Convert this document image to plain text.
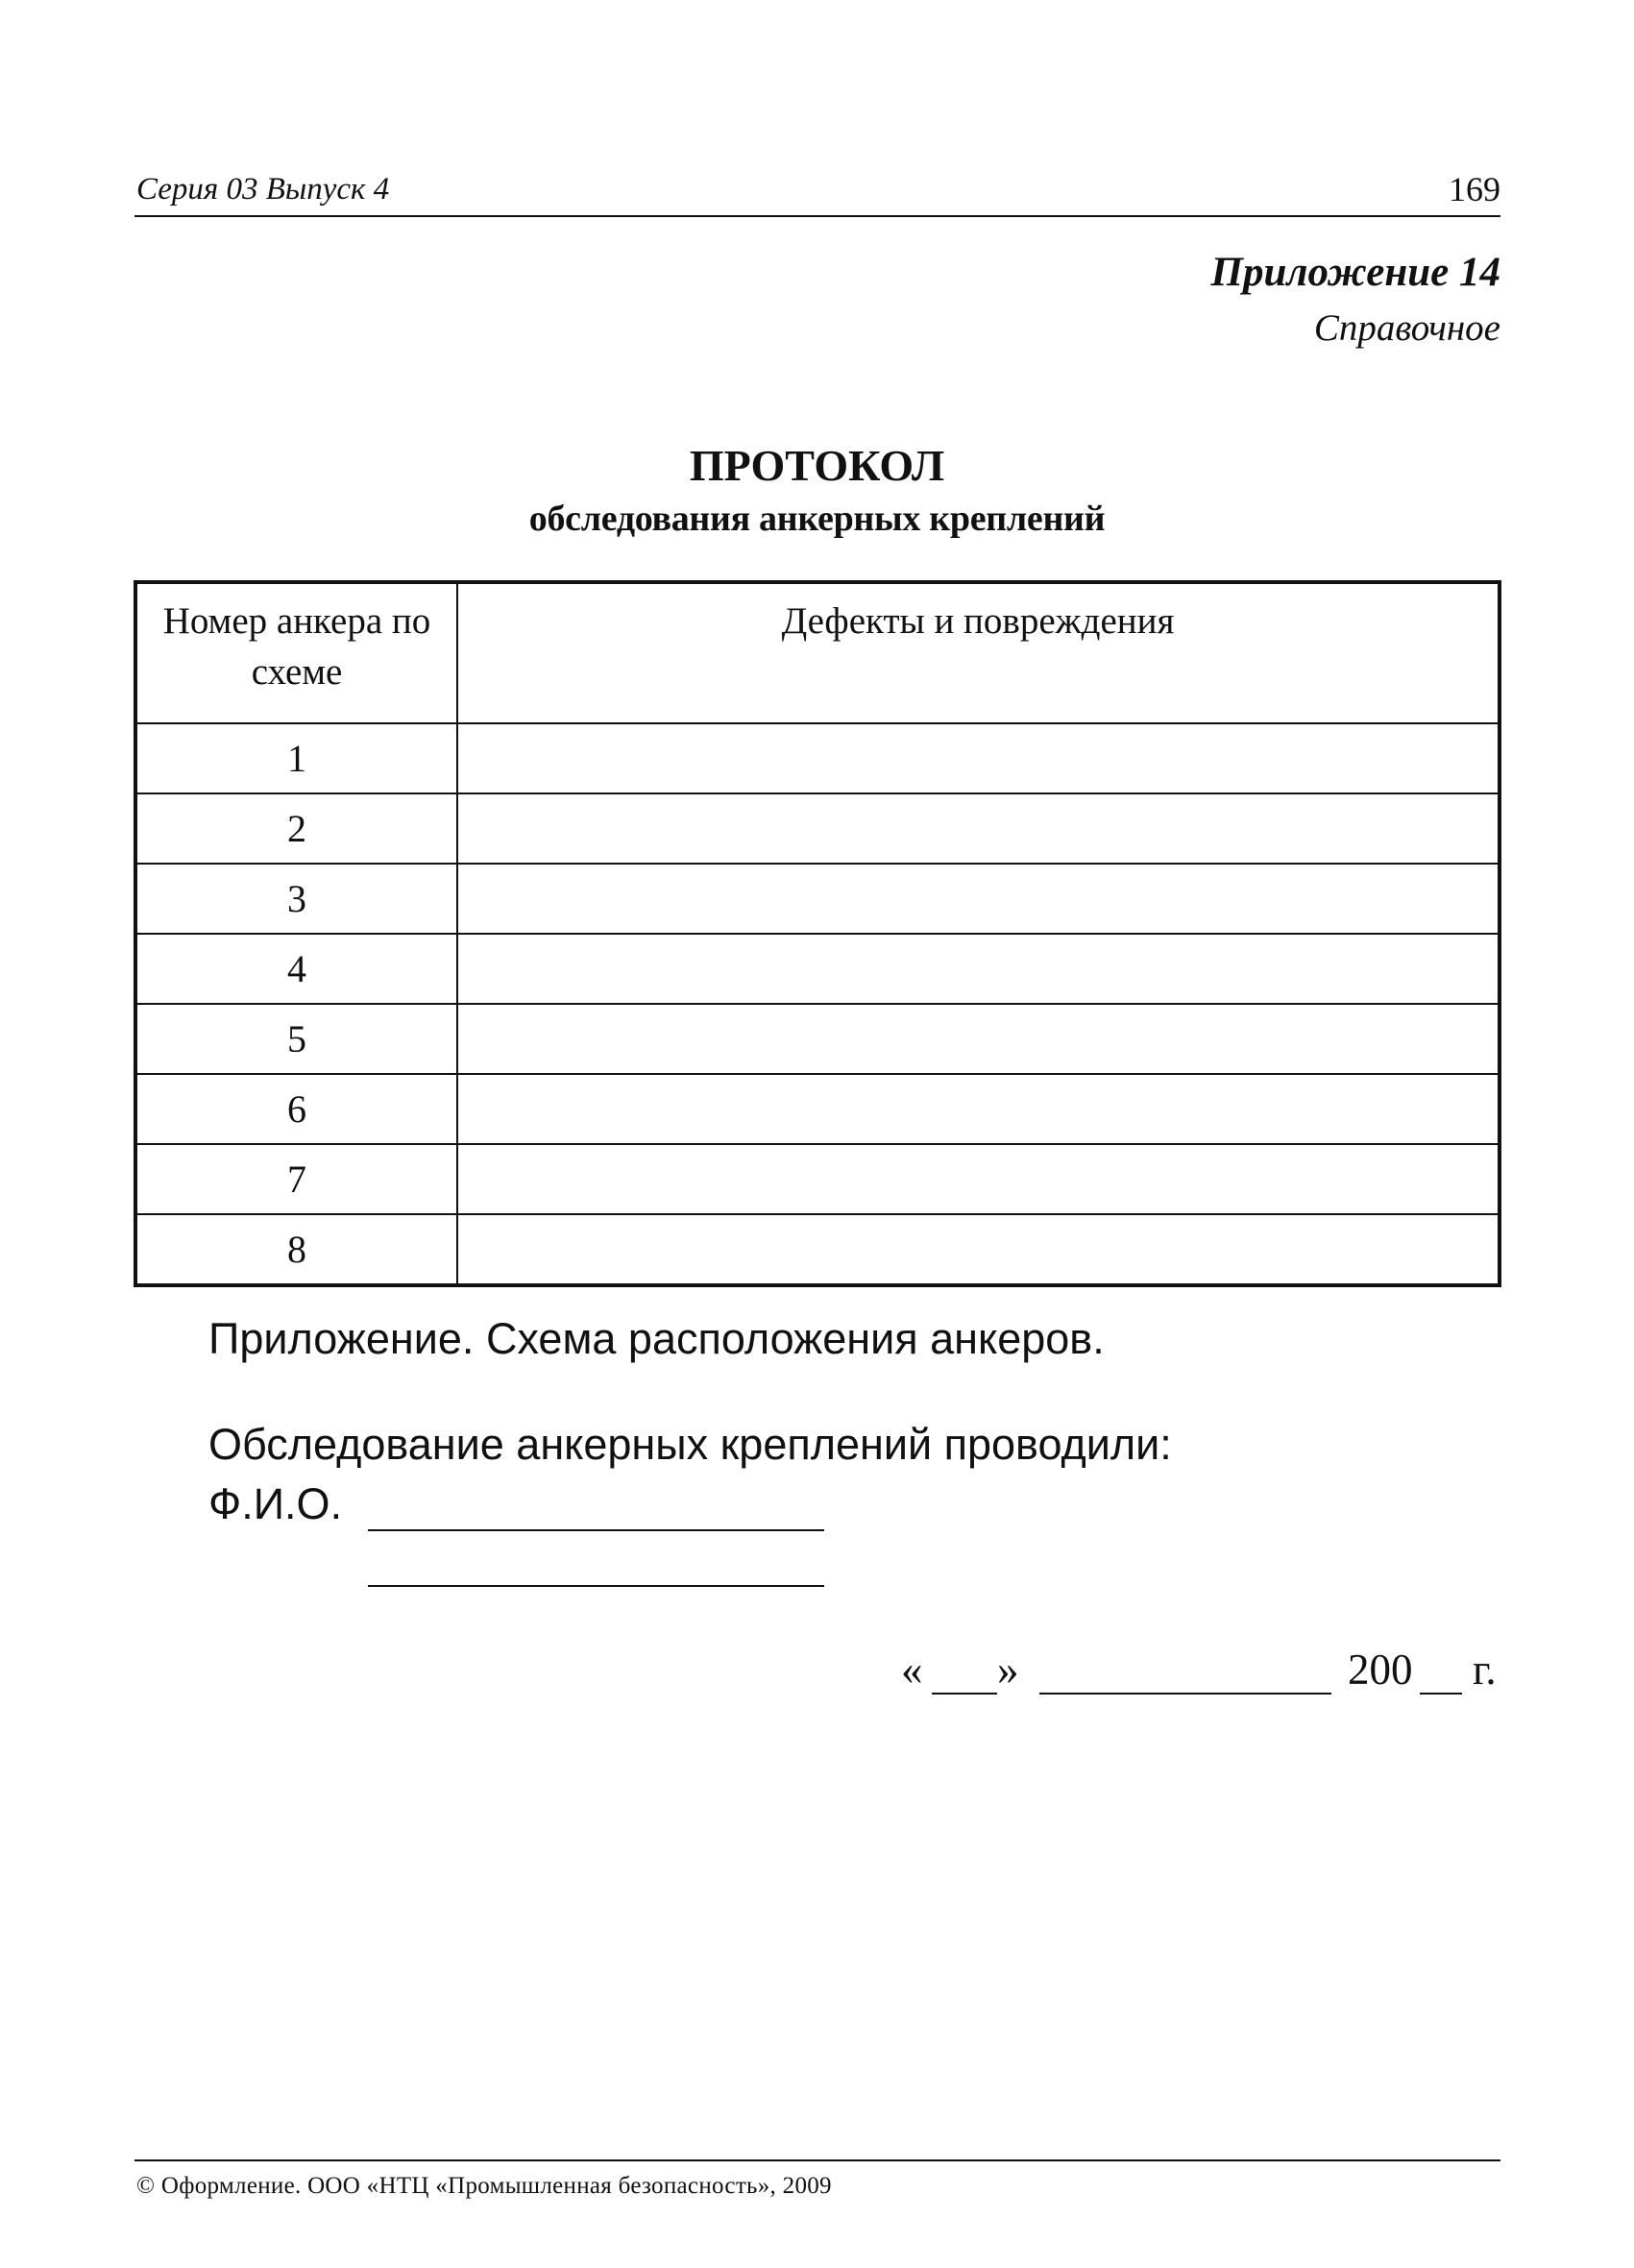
Серия 03 Выпуск 4	169
Приложение 14
Справочное
ПРОТОКОЛ
обследования анкерных креплений
Номер анкера по схеме	Дефекты и повреждения
1	
2	
3	
4	
5	
6	
7	
8	
Приложение. Схема расположения анкеров.
Обследование анкерных креплений проводили:
Ф.И.О.
« »	200 г.
© Оформление. ООО «НТЦ «Промышленная безопасность», 2009
